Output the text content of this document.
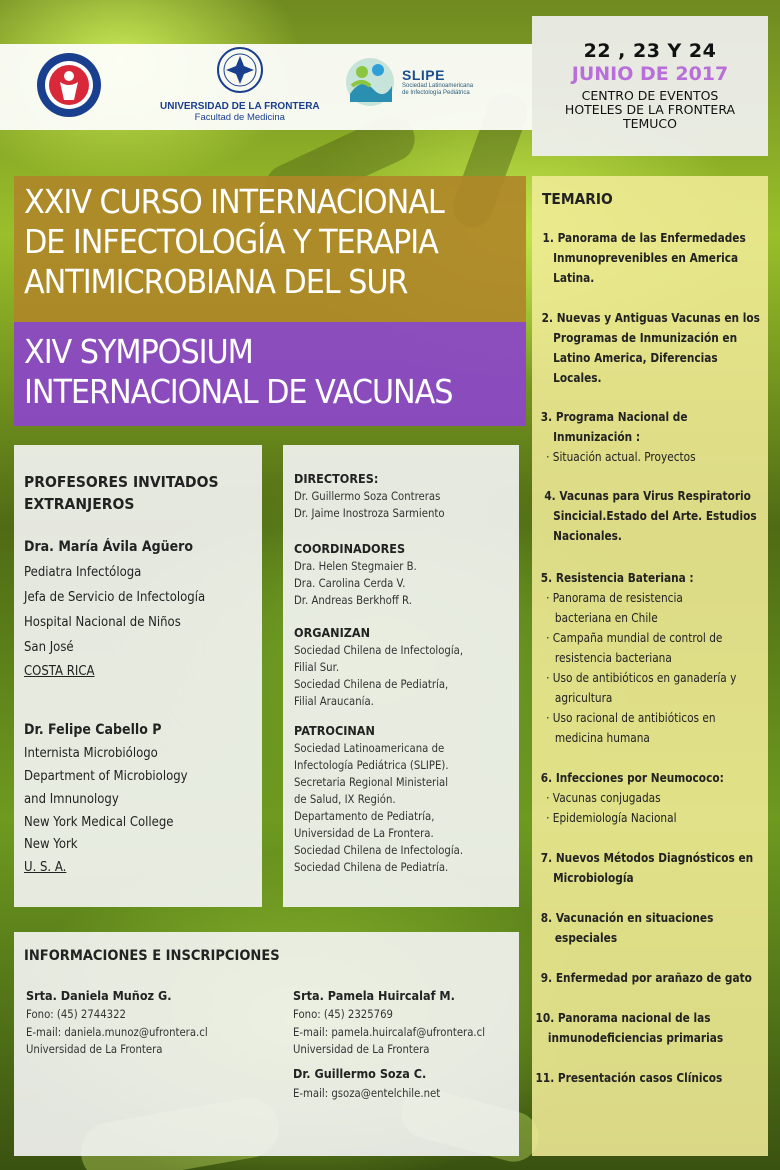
UNIVERSIDAD DE LA FRONTERA
Facultad de Medicina
SLIPE
Sociedad Latinoamericana de Infectología Pediátrica
22 , 23 Y 24
JUNIO DE 2017
CENTRO DE EVENTOS
HOTELES DE LA FRONTERA
TEMUCO
XXIV CURSO INTERNACIONAL
DE INFECTOLOGÍA Y TERAPIA
ANTIMICROBIANA DEL SUR
XIV SYMPOSIUM
INTERNACIONAL DE VACUNAS
TEMARIO
1. Panorama de las Enfermedades
Inmunoprevenibles en America
Latina.
2. Nuevas y Antiguas Vacunas en los
Programas de Inmunización en
Latino America, Diferencias
Locales.
3. Programa Nacional de
Inmunización :
· Situación actual. Proyectos
4. Vacunas para Virus Respiratorio
Sincicial.Estado del Arte. Estudios
Nacionales.
5. Resistencia Bateriana :
· Panorama de resistencia
bacteriana en Chile
· Campaña mundial de control de
resistencia bacteriana
· Uso de antibióticos en ganadería y
agricultura
· Uso racional de antibióticos en
medicina humana
6. Infecciones por Neumococo:
· Vacunas conjugadas
· Epidemiología Nacional
7. Nuevos Métodos Diagnósticos en
Microbiología
8. Vacunación en situaciones
especiales
9. Enfermedad por arañazo de gato
10. Panorama nacional de las
inmunodeficiencias primarias
11. Presentación casos Clínicos
PROFESORES INVITADOS
EXTRANJEROS
Dra. María Ávila Agüero
Pediatra Infectóloga
Jefa de Servicio de Infectología
Hospital Nacional de Niños
San José
COSTA RICA
Dr. Felipe Cabello P
Internista Microbiólogo
Department of Microbiology
and Imnunology
New York Medical College
New York
U. S. A.
DIRECTORES:
Dr. Guillermo Soza Contreras
Dr. Jaime Inostroza Sarmiento
COORDINADORES
Dra. Helen Stegmaier B.
Dra. Carolina Cerda V.
Dr. Andreas Berkhoff R.
ORGANIZAN
Sociedad Chilena de Infectología,
Filial Sur.
Sociedad Chilena de Pediatría,
Filial Araucanía.
PATROCINAN
Sociedad Latinoamericana de
Infectología Pediátrica (SLIPE).
Secretaria Regional Ministerial
de Salud, IX Región.
Departamento de Pediatría,
Universidad de La Frontera.
Sociedad Chilena de Infectología.
Sociedad Chilena de Pediatría.
INFORMACIONES E INSCRIPCIONES
Srta. Daniela Muñoz G.
Fono: (45) 2744322
E-mail: daniela.munoz@ufrontera.cl
Universidad de La Frontera
Srta. Pamela Huircalaf M.
Fono: (45) 2325769
E-mail: pamela.huircalaf@ufrontera.cl
Universidad de La Frontera
Dr. Guillermo Soza C.
E-mail: gsoza@entelchile.net
